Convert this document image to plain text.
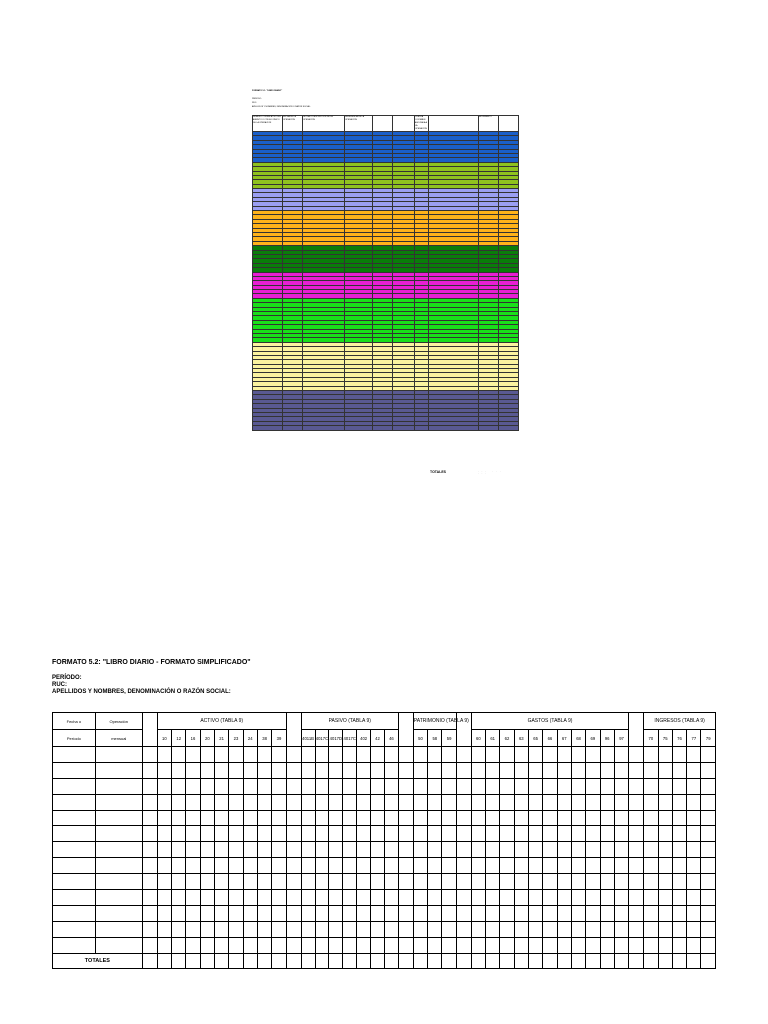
FORMATO 5.1: "LIBRO DIARIO"
PERIODO:
RUC:
APELLIDOS Y NOMBRES, DENOMINACIÓN O RAZÓN SOCIAL:
NÚMERO CORRELATIVO DEL ASIENTO O CÓDIGO ÚNICO DE LA OPERACIÓN	FECHA DE LA OPERACIÓN	GLOSA O DESCRIPCIÓN DE LA OPERACIÓN	REFERENCIA DE LA OPERACIÓN			CUENTA CONTABLE ASOCIADA A LA OPERACIÓN		MOVIMIENTO	

TOTALES	··· ··· ···
FORMATO 5.2: "LIBRO DIARIO - FORMATO SIMPLIFICADO"
PERÍODO:
RUC:
APELLIDOS Y NOMBRES, DENOMINACIÓN O RAZÓN SOCIAL:
Fecha o	Operación		ACTIVO (TABLA 9)										PASIVO (TABLA 9)								PATRIMONIO (TABLA 9)				GASTOS (TABLA 9)												INGRESOS (TABLA 9)				
Período	mensual		10	12	16	20	21	23	24	38	39		4011B	4017C	4017D	4017C	402	42	46		50	58	59		60	61	62	63	65	66	67	68	69	96	97		70	75	76	77	79

TOTALES																																									
